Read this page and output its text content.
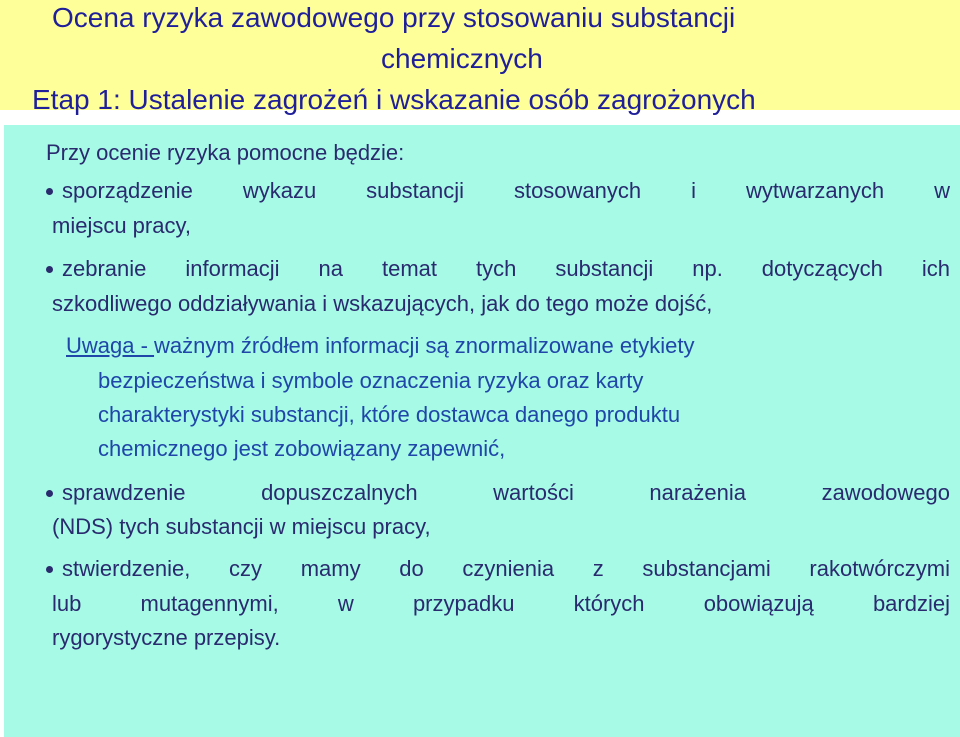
Ocena ryzyka zawodowego przy stosowaniu substancji
chemicznych
Etap 1: Ustalenie zagrożeń i wskazanie osób zagrożonych
Przy ocenie ryzyka pomocne będzie:
sporządzenie wykazu substancji stosowanych i wytwarzanych w
miejscu pracy,
zebranie informacji na temat tych substancji np. dotyczących ich
szkodliwego oddziaływania i wskazujących, jak do tego może dojść,
Uwaga - ważnym źródłem informacji są znormalizowane etykiety
bezpieczeństwa i symbole oznaczenia ryzyka oraz karty
charakterystyki substancji, które dostawca danego produktu
chemicznego jest zobowiązany zapewnić,
sprawdzenie dopuszczalnych wartości narażenia zawodowego
(NDS) tych substancji w miejscu pracy,
stwierdzenie, czy mamy do czynienia z substancjami rakotwórczymi
lub mutagennymi, w przypadku których obowiązują bardziej
rygorystyczne przepisy.
